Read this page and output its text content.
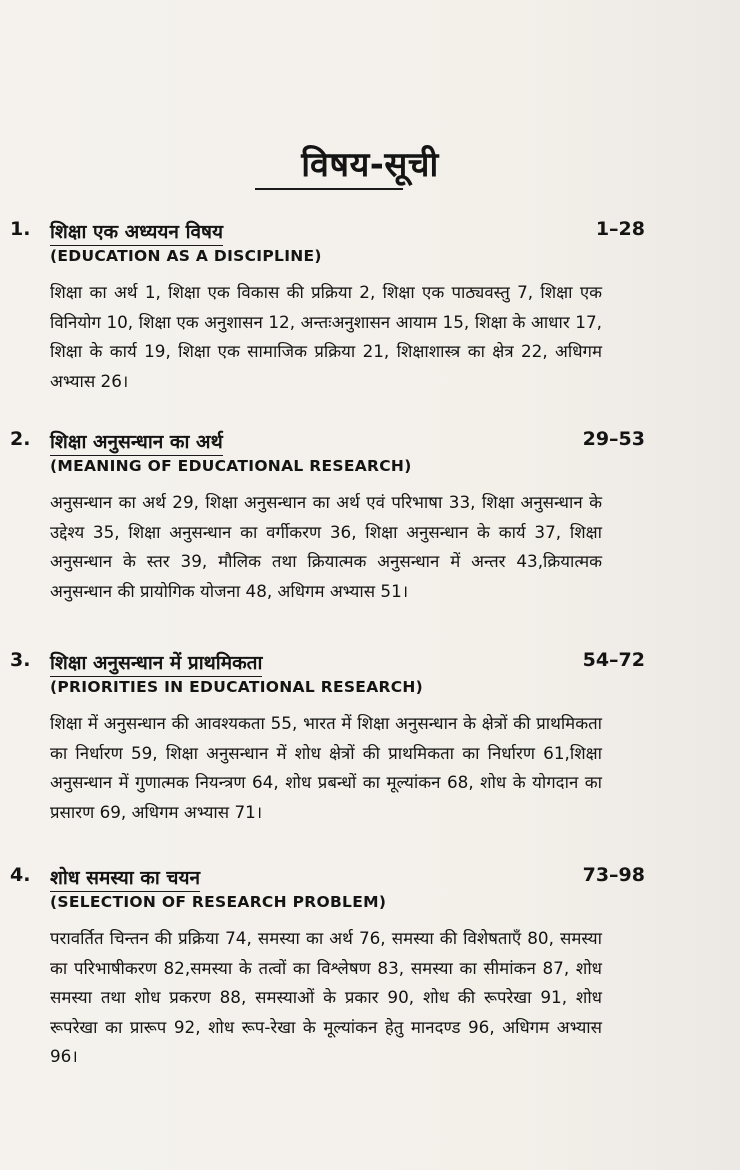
विषय-सूची
1. शिक्षा एक अध्ययन विषय	1–28
(EDUCATION AS A DISCIPLINE)
शिक्षा का अर्थ 1, शिक्षा एक विकास की प्रक्रिया 2, शिक्षा एक पाठ्यवस्तु 7, शिक्षा एक विनियोग 10, शिक्षा एक अनुशासन 12, अन्तःअनुशासन आयाम 15, शिक्षा के आधार 17, शिक्षा के कार्य 19, शिक्षा एक सामाजिक प्रक्रिया 21, शिक्षाशास्त्र का क्षेत्र 22, अधिगम अभ्यास 26।
2. शिक्षा अनुसन्धान का अर्थ	29–53
(MEANING OF EDUCATIONAL RESEARCH)
अनुसन्धान का अर्थ 29, शिक्षा अनुसन्धान का अर्थ एवं परिभाषा 33, शिक्षा अनुसन्धान के उद्देश्य 35, शिक्षा अनुसन्धान का वर्गीकरण 36, शिक्षा अनुसन्धान के कार्य 37, शिक्षा अनुसन्धान के स्तर 39, मौलिक तथा क्रियात्मक अनुसन्धान में अन्तर 43,क्रियात्मक अनुसन्धान की प्रायोगिक योजना 48, अधिगम अभ्यास 51।
3. शिक्षा अनुसन्धान में प्राथमिकता	54–72
(PRIORITIES IN EDUCATIONAL RESEARCH)
शिक्षा में अनुसन्धान की आवश्यकता 55, भारत में शिक्षा अनुसन्धान के क्षेत्रों की प्राथमिकता का निर्धारण 59, शिक्षा अनुसन्धान में शोध क्षेत्रों की प्राथमिकता का निर्धारण 61,शिक्षा अनुसन्धान में गुणात्मक नियन्त्रण 64, शोध प्रबन्धों का मूल्यांकन 68, शोध के योगदान का प्रसारण 69, अधिगम अभ्यास 71।
4. शोध समस्या का चयन	73–98
(SELECTION OF RESEARCH PROBLEM)
परावर्तित चिन्तन की प्रक्रिया 74, समस्या का अर्थ 76, समस्या की विशेषताएँ 80, समस्या का परिभाषीकरण 82,समस्या के तत्वों का विश्लेषण 83, समस्या का सीमांकन 87, शोध समस्या तथा शोध प्रकरण 88, समस्याओं के प्रकार 90, शोध की रूपरेखा 91, शोध रूपरेखा का प्रारूप 92, शोध रूप-रेखा के मूल्यांकन हेतु मानदण्ड 96, अधिगम अभ्यास 96।
